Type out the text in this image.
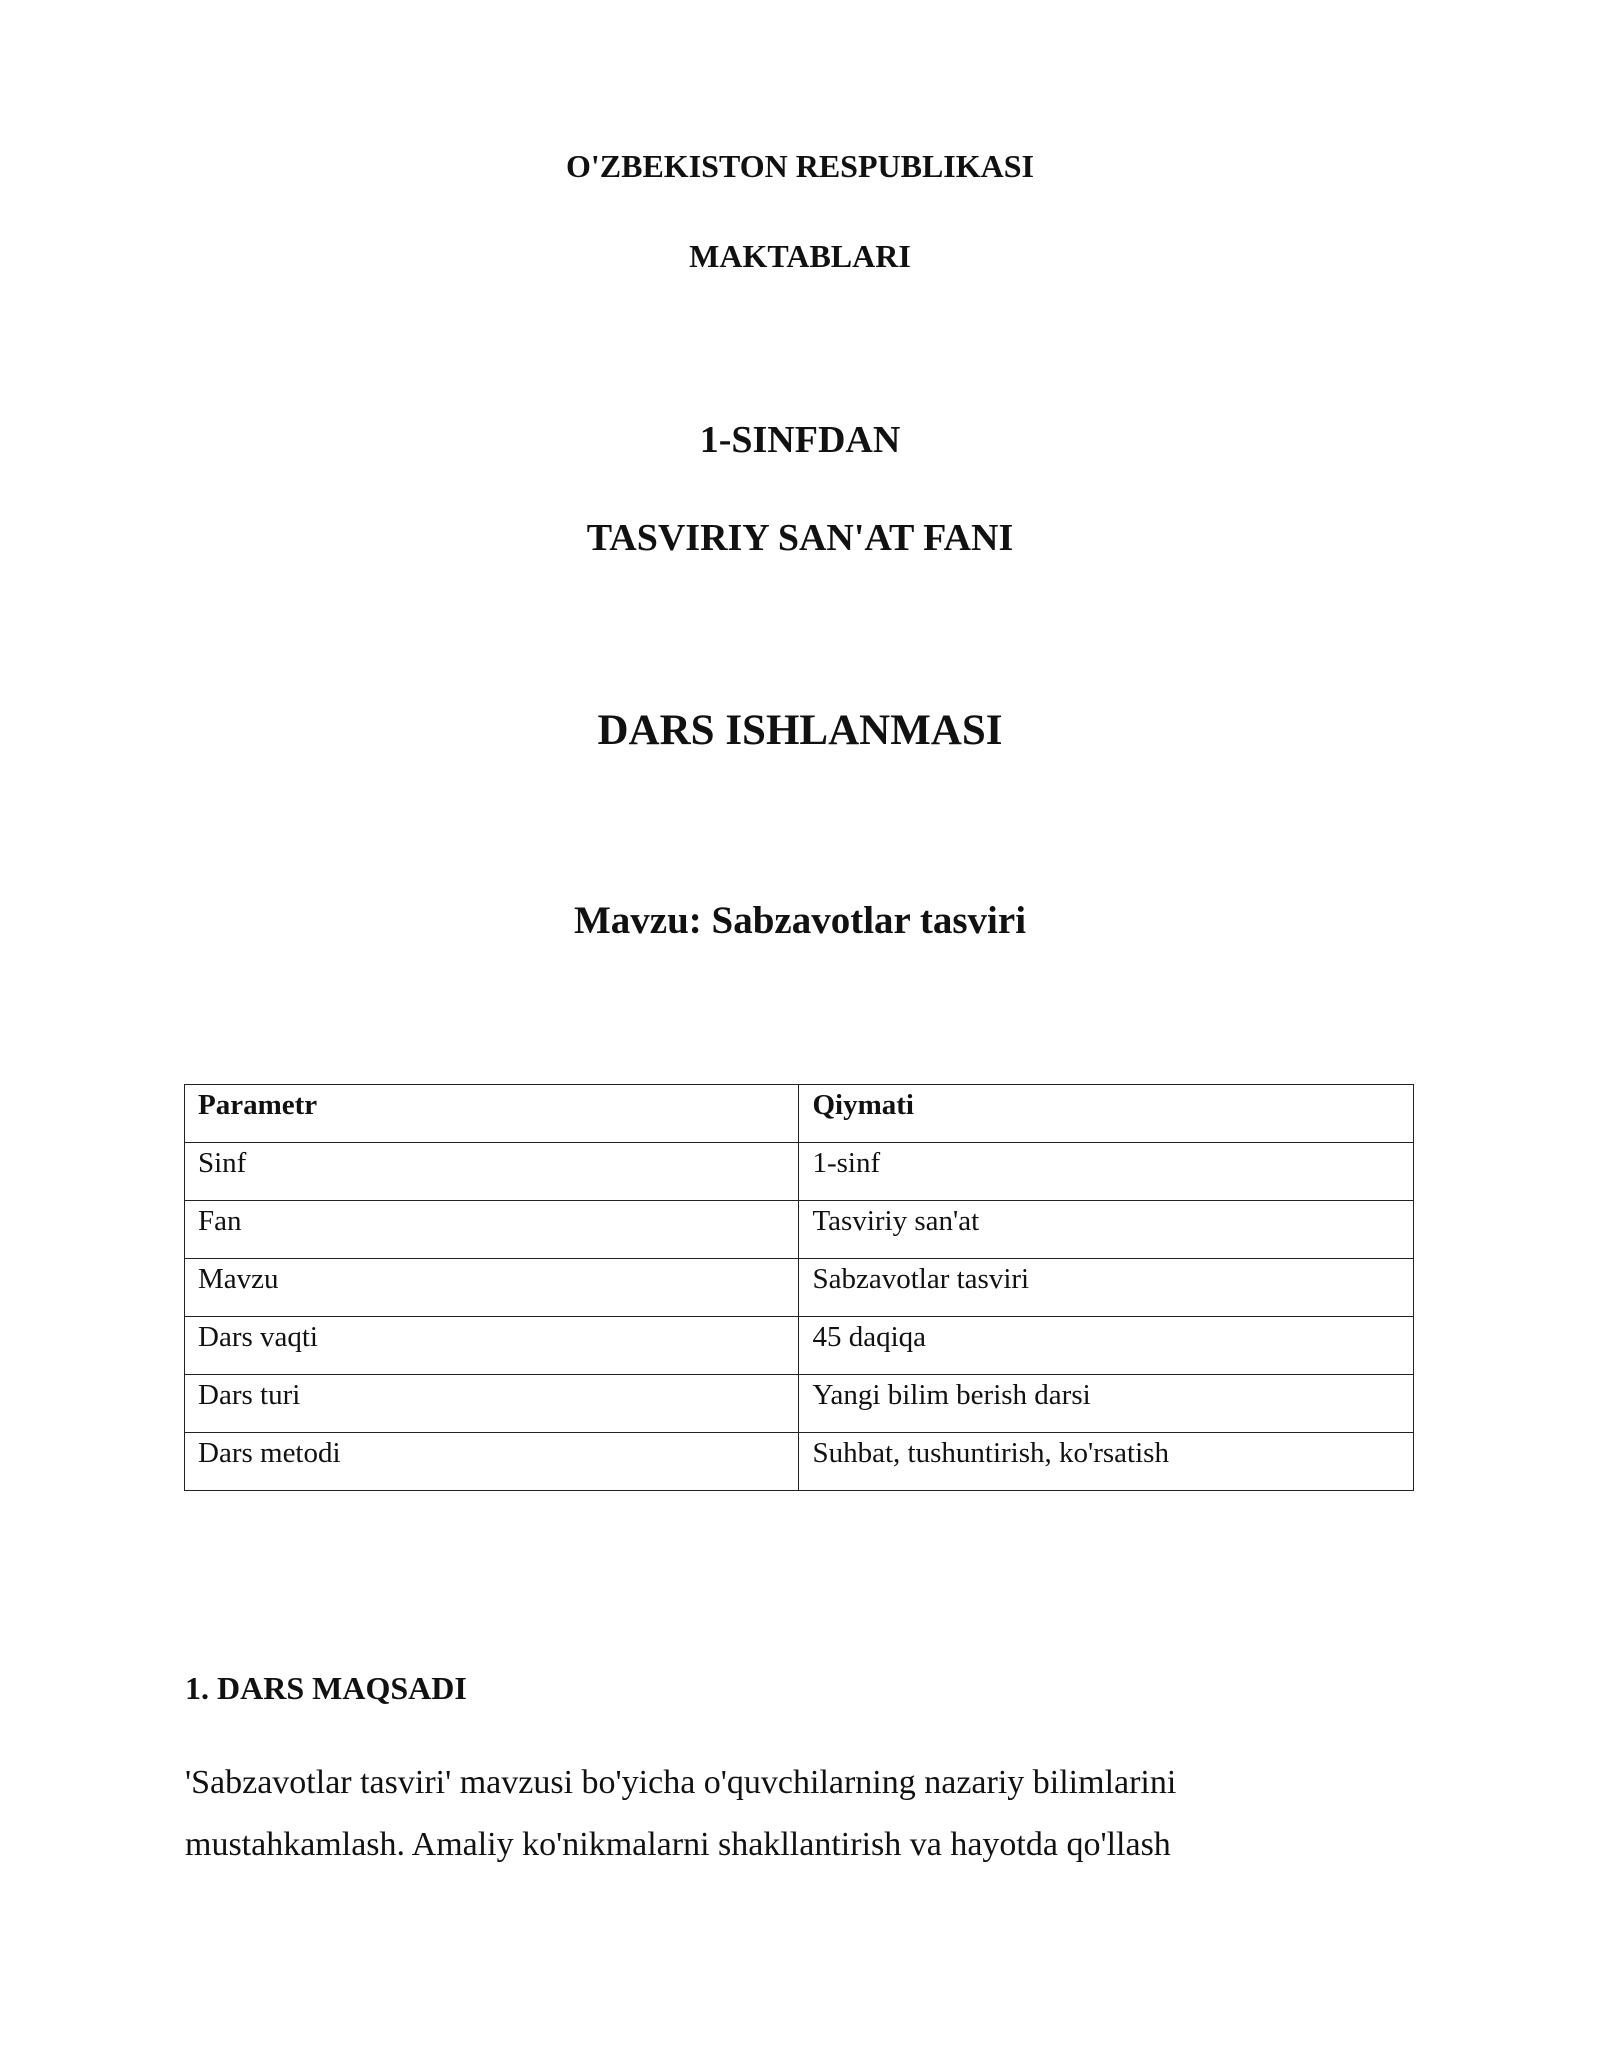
O'ZBEKISTON RESPUBLIKASI
MAKTABLARI
1-SINFDAN
TASVIRIY SAN'AT FANI
DARS ISHLANMASI
Mavzu: Sabzavotlar tasviri
Parametr	Qiymati
Sinf	1-sinf
Fan	Tasviriy san'at
Mavzu	Sabzavotlar tasviri
Dars vaqti	45 daqiqa
Dars turi	Yangi bilim berish darsi
Dars metodi	Suhbat, tushuntirish, ko'rsatish
1. DARS MAQSADI
'Sabzavotlar tasviri' mavzusi bo'yicha o'quvchilarning nazariy bilimlarini
mustahkamlash. Amaliy ko'nikmalarni shakllantirish va hayotda qo'llash
